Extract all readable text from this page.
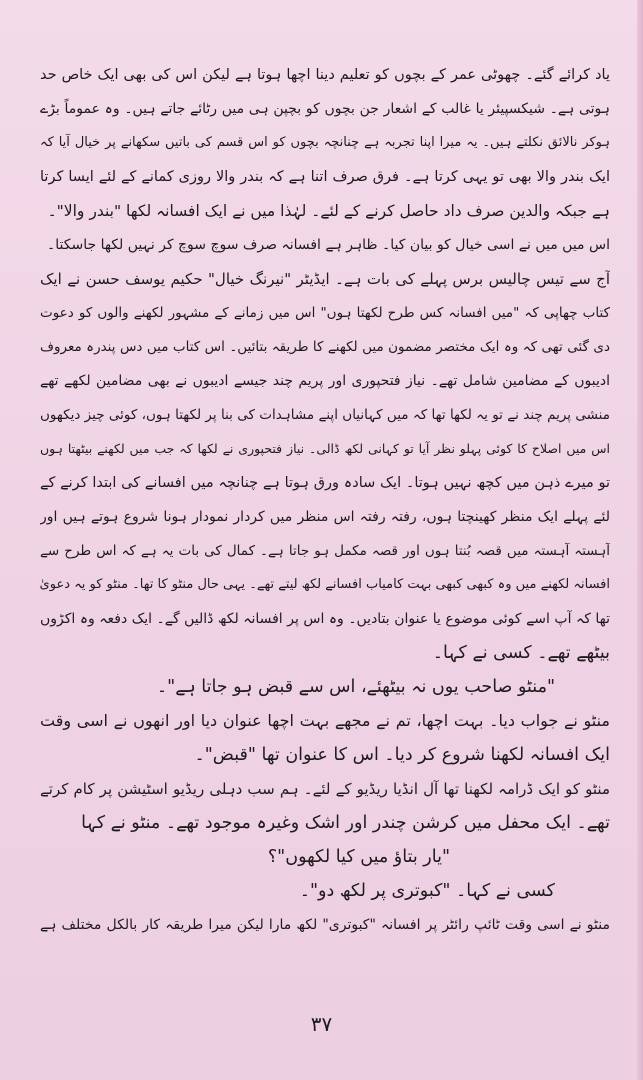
یاد کرائے گئے۔ چھوٹی عمر کے بچوں کو تعلیم دینا اچھا ہوتا ہے لیکن اس کی بھی ایک خاص حد
ہوتی ہے۔ شیکسپیئر یا غالب کے اشعار جن بچوں کو بچپن ہی میں رٹائے جاتے ہیں۔ وہ عموماً بڑے
ہوکر نالائق نکلتے ہیں۔ یہ میرا اپنا تجربہ ہے چنانچہ بچوں کو اس قسم کی باتیں سکھانے پر خیال آیا کہ
ایک بندر والا بھی تو یہی کرتا ہے۔ فرق صرف اتنا ہے کہ بندر والا روزی کمانے کے لئے ایسا کرتا
ہے جبکہ والدین صرف داد حاصل کرنے کے لئے۔ لہٰذا میں نے ایک افسانہ لکھا "بندر والا"۔
اس میں میں نے اسی خیال کو بیان کیا۔ ظاہر ہے افسانہ صرف سوچ سوچ کر نہیں لکھا جاسکتا۔
آج سے تیس چالیس برس پہلے کی بات ہے۔ ایڈیٹر "نیرنگ خیال" حکیم یوسف حسن نے ایک
کتاب چھاپی کہ "میں افسانہ کس طرح لکھتا ہوں" اس میں زمانے کے مشہور لکھنے والوں کو دعوت
دی گئی تھی کہ وہ ایک مختصر مضمون میں لکھنے کا طریقہ بتائیں۔ اس کتاب میں دس پندرہ معروف
ادیبوں کے مضامین شامل تھے۔ نیاز فتحپوری اور پریم چند جیسے ادیبوں نے بھی مضامین لکھے تھے
منشی پریم چند نے تو یہ لکھا تھا کہ میں کہانیاں اپنے مشاہدات کی بنا پر لکھتا ہوں، کوئی چیز دیکھوں
اس میں اصلاح کا کوئی پہلو نظر آیا تو کہانی لکھ ڈالی۔ نیاز فتحپوری نے لکھا کہ جب میں لکھنے بیٹھتا ہوں
تو میرے ذہن میں کچھ نہیں ہوتا۔ ایک سادہ ورق ہوتا ہے چنانچہ میں افسانے کی ابتدا کرنے کے
لئے پہلے ایک منظر کھینچتا ہوں، رفتہ رفتہ اس منظر میں کردار نمودار ہونا شروع ہوتے ہیں اور
آہستہ آہستہ میں قصہ بُنتا ہوں اور قصہ مکمل ہو جاتا ہے۔ کمال کی بات یہ ہے کہ اس طرح سے
افسانہ لکھنے میں وہ کبھی کبھی بہت کامیاب افسانے لکھ لیتے تھے۔ یہی حال منٹو کا تھا۔ منٹو کو یہ دعویٰ
تھا کہ آپ اسے کوئی موضوع یا عنوان بتادیں۔ وہ اس پر افسانہ لکھ ڈالیں گے۔ ایک دفعہ وہ اکڑوں
بیٹھے تھے۔ کسی نے کہا۔
"منٹو صاحب یوں نہ بیٹھئے، اس سے قبض ہو جاتا ہے"۔
منٹو نے جواب دیا۔ بہت اچھا، تم نے مجھے بہت اچھا عنوان دیا اور انھوں نے اسی وقت
ایک افسانہ لکھنا شروع کر دیا۔ اس کا عنوان تھا "قبض"۔
منٹو کو ایک ڈرامہ لکھنا تھا آل انڈیا ریڈیو کے لئے۔ ہم سب دہلی ریڈیو اسٹیشن پر کام کرتے
تھے۔ ایک محفل میں کرشن چندر اور اشک وغیرہ موجود تھے۔ منٹو نے کہا
"یار بتاؤ میں کیا لکھوں"؟
کسی نے کہا۔ "کبوتری پر لکھ دو"۔
منٹو نے اسی وقت ٹائپ رائٹر پر افسانہ "کبوتری" لکھ مارا لیکن میرا طریقہ کار بالکل مختلف ہے
۳۷
